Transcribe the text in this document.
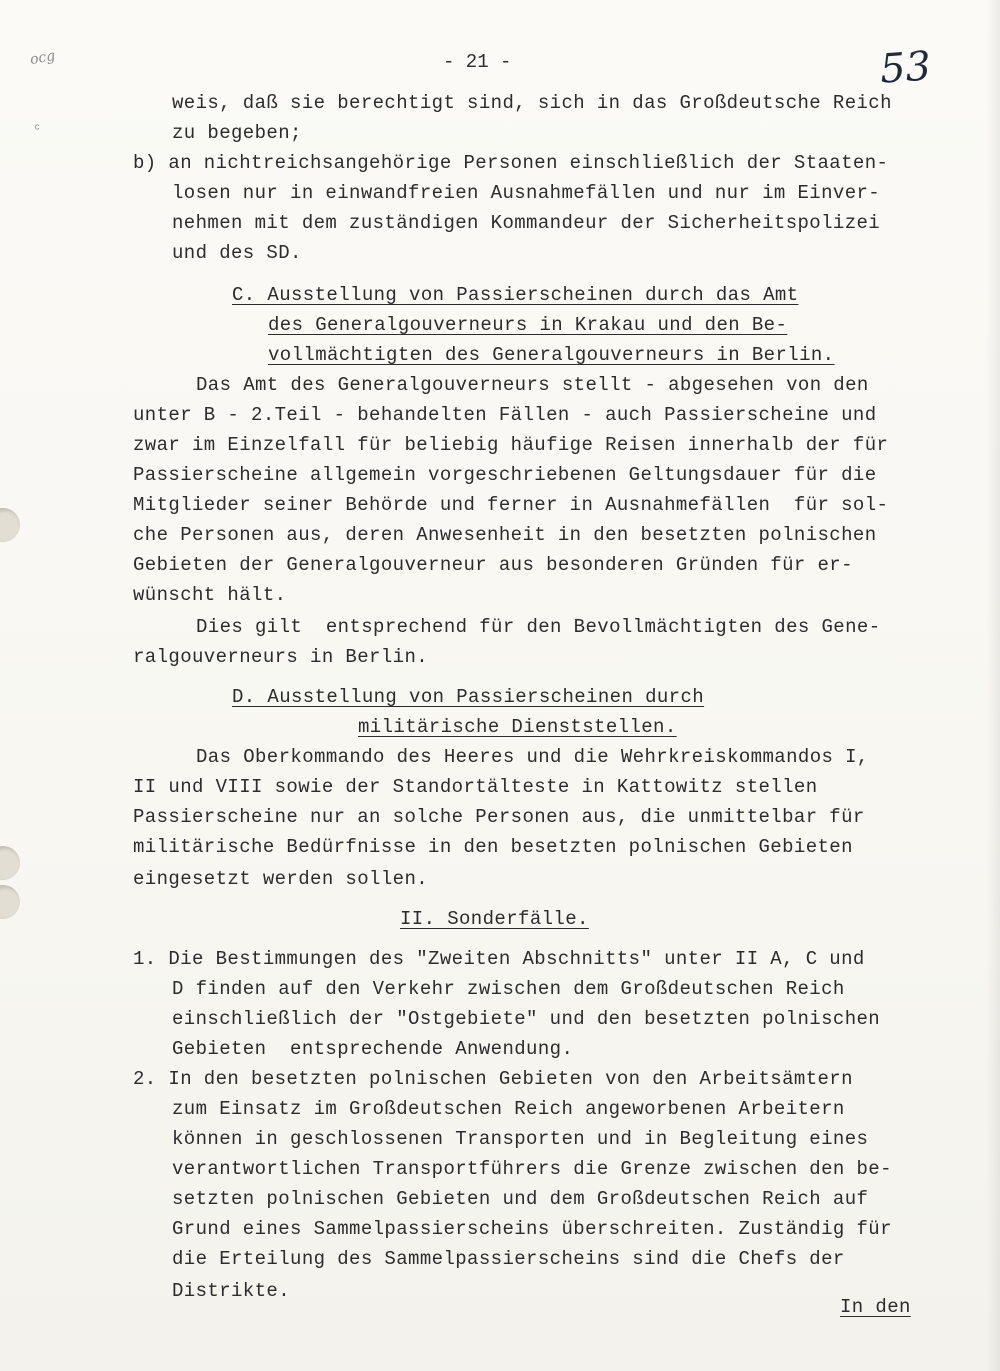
ocg
ᶜ
- 21 -	53
weis, daß sie berechtigt sind, sich in das Großdeutsche Reich
zu begeben;
b) an nichtreichsangehörige Personen einschließlich der Staaten-
losen nur in einwandfreien Ausnahmefällen und nur im Einver-
nehmen mit dem zuständigen Kommandeur der Sicherheitspolizei
und des SD.
C. Ausstellung von Passierscheinen durch das Amt
des Generalgouverneurs in Krakau und den Be-
vollmächtigten des Generalgouverneurs in Berlin.
Das Amt des Generalgouverneurs stellt - abgesehen von den
unter B - 2.Teil - behandelten Fällen - auch Passierscheine und
zwar im Einzelfall für beliebig häufige Reisen innerhalb der für
Passierscheine allgemein vorgeschriebenen Geltungsdauer für die
Mitglieder seiner Behörde und ferner in Ausnahmefällen  für sol-
che Personen aus, deren Anwesenheit in den besetzten polnischen
Gebieten der Generalgouverneur aus besonderen Gründen für er-
wünscht hält.
Dies gilt  entsprechend für den Bevollmächtigten des Gene-
ralgouverneurs in Berlin.
D. Ausstellung von Passierscheinen durch
militärische Dienststellen.
Das Oberkommando des Heeres und die Wehrkreiskommandos I,
II und VIII sowie der Standortälteste in Kattowitz stellen
Passierscheine nur an solche Personen aus, die unmittelbar für
militärische Bedürfnisse in den besetzten polnischen Gebieten
eingesetzt werden sollen.
II. Sonderfälle.
1. Die Bestimmungen des "Zweiten Abschnitts" unter II A, C und
D finden auf den Verkehr zwischen dem Großdeutschen Reich
einschließlich der "Ostgebiete" und den besetzten polnischen
Gebieten  entsprechende Anwendung.
2. In den besetzten polnischen Gebieten von den Arbeitsämtern
zum Einsatz im Großdeutschen Reich angeworbenen Arbeitern
können in geschlossenen Transporten und in Begleitung eines
verantwortlichen Transportführers die Grenze zwischen den be-
setzten polnischen Gebieten und dem Großdeutschen Reich auf
Grund eines Sammelpassierscheins überschreiten. Zuständig für
die Erteilung des Sammelpassierscheins sind die Chefs der
Distrikte.
In den
